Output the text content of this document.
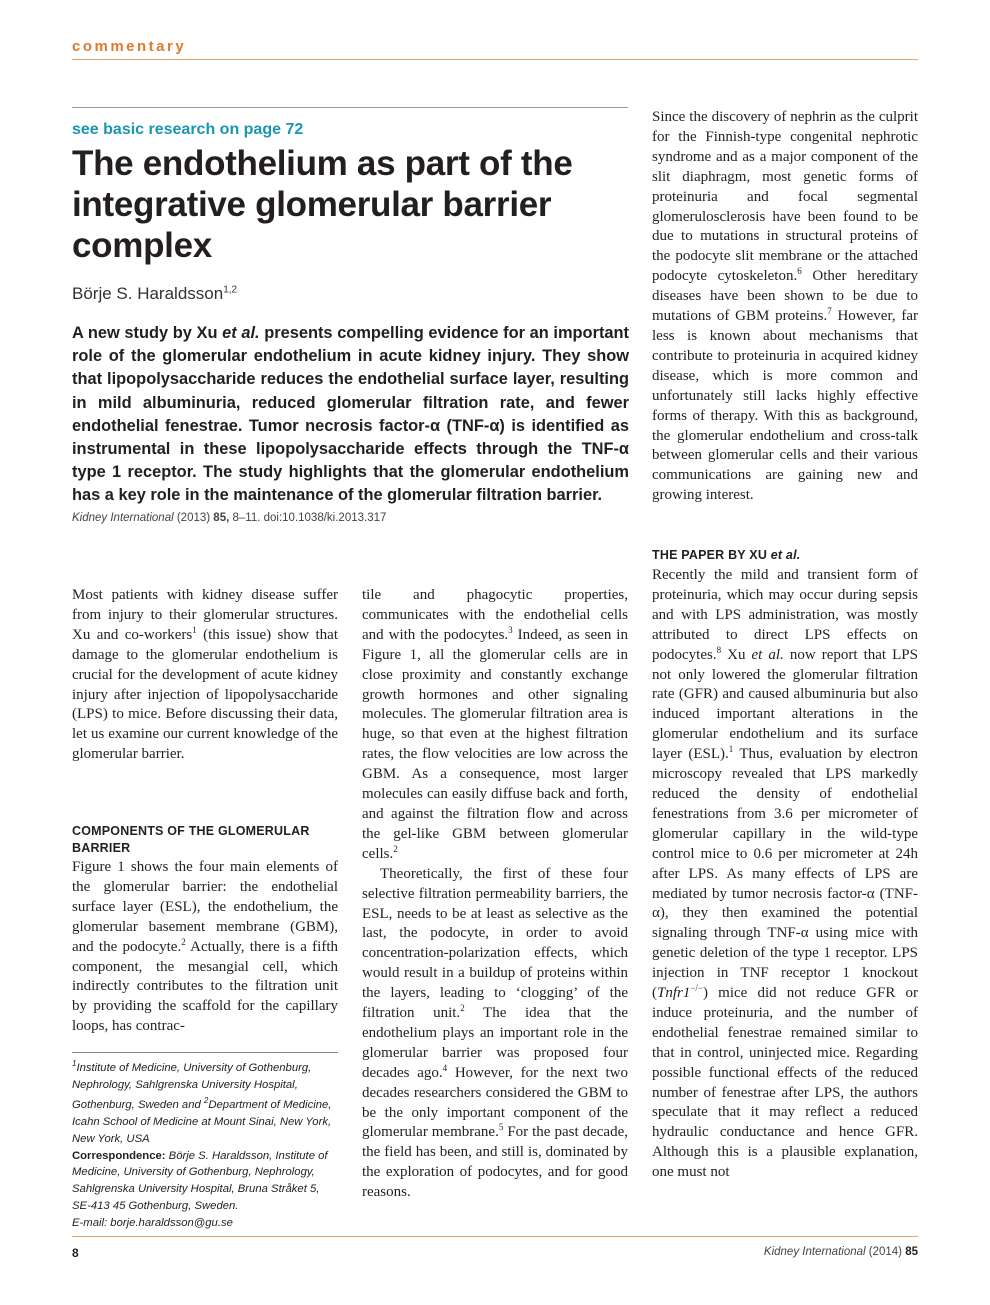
commentary
see basic research on page 72
The endothelium as part of the integrative glomerular barrier complex
Börje S. Haraldsson$^{1,2}$
A new study by Xu et al. presents compelling evidence for an important role of the glomerular endothelium in acute kidney injury. They show that lipopolysaccharide reduces the endothelial surface layer, resulting in mild albuminuria, reduced glomerular filtration rate, and fewer endothelial fenestrae. Tumor necrosis factor-α (TNF-α) is identified as instrumental in these lipopolysaccharide effects through the TNF-α type 1 receptor. The study highlights that the glomerular endothelium has a key role in the maintenance of the glomerular filtration barrier.
Kidney International (2013) 85, 8–11. doi:10.1038/ki.2013.317

Most patients with kidney disease suffer from injury to their glomerular structures. Xu and co-workers$^1$ (this issue) show that damage to the glomerular endothelium is crucial for the development of acute kidney injury after injection of lipopolysaccharide (LPS) to mice. Before discussing their data, let us examine our current knowledge of the glomerular barrier.

COMPONENTS OF THE GLOMERULAR BARRIER

Figure 1 shows the four main elements of the glomerular barrier: the endothelial surface layer (ESL), the endothelium, the glomerular basement membrane (GBM), and the podocyte.$^2$ Actually, there is a fifth component, the mesangial cell, which indirectly contributes to the filtration unit by providing the scaffold for the capillary loops, has contrac-

$^1$Institute of Medicine, University of Gothenburg, Nephrology, Sahlgrenska University Hospital, Gothenburg, Sweden and $^2$Department of Medicine, Icahn School of Medicine at Mount Sinai, New York, New York, USA
Correspondence: Börje S. Haraldsson, Institute of Medicine, University of Gothenburg, Nephrology, Sahlgrenska University Hospital, Bruna Stråket 5, SE-413 45 Gothenburg, Sweden.
E-mail: borje.haraldsson@gu.se

tile and phagocytic properties, communicates with the endothelial cells and with the podocytes.$^3$ Indeed, as seen in Figure 1, all the glomerular cells are in close proximity and constantly exchange growth hormones and other signaling molecules. The glomerular filtration area is huge, so that even at the highest filtration rates, the flow velocities are low across the GBM. As a consequence, most larger molecules can easily diffuse back and forth, and against the filtration flow and across the gel-like GBM between glomerular cells.$^2$

Theoretically, the first of these four selective filtration permeability barriers, the ESL, needs to be at least as selective as the last, the podocyte, in order to avoid concentration-polarization effects, which would result in a buildup of proteins within the layers, leading to ‘clogging’ of the filtration unit.$^2$ The idea that the endothelium plays an important role in the glomerular barrier was proposed four decades ago.$^4$ However, for the next two decades researchers considered the GBM to be the only important component of the glomerular membrane.$^5$ For the past decade, the field has been, and still is, dominated by the exploration of podocytes, and for good reasons.

Since the discovery of nephrin as the culprit for the Finnish-type congenital nephrotic syndrome and as a major component of the slit diaphragm, most genetic forms of proteinuria and focal segmental glomerulosclerosis have been found to be due to mutations in structural proteins of the podocyte slit membrane or the attached podocyte cytoskeleton.$^6$ Other hereditary diseases have been shown to be due to mutations of GBM proteins.$^7$ However, far less is known about mechanisms that contribute to proteinuria in acquired kidney disease, which is more common and unfortunately still lacks highly effective forms of therapy. With this as background, the glomerular endothelium and cross-talk between glomerular cells and their various communications are gaining new and growing interest.

THE PAPER BY XU et al.

Recently the mild and transient form of proteinuria, which may occur during sepsis and with LPS administration, was mostly attributed to direct LPS effects on podocytes.$^8$ Xu et al. now report that LPS not only lowered the glomerular filtration rate (GFR) and caused albuminuria but also induced important alterations in the glomerular endothelium and its surface layer (ESL).$^1$ Thus, evaluation by electron microscopy revealed that LPS markedly reduced the density of endothelial fenestrations from 3.6 per micrometer of glomerular capillary in the wild-type control mice to 0.6 per micrometer at 24h after LPS. As many effects of LPS are mediated by tumor necrosis factor-α (TNF-α), they then examined the potential signaling through TNF-α using mice with genetic deletion of the type 1 receptor. LPS injection in TNF receptor 1 knockout (Tnfr1−/−) mice did not reduce GFR or induce proteinuria, and the number of endothelial fenestrae remained similar to that in control, uninjected mice. Regarding possible functional effects of the reduced number of fenestrae after LPS, the authors speculate that it may reflect a reduced hydraulic conductance and hence GFR. Although this is a plausible explanation, one must not

8	Kidney International (2014) 85
